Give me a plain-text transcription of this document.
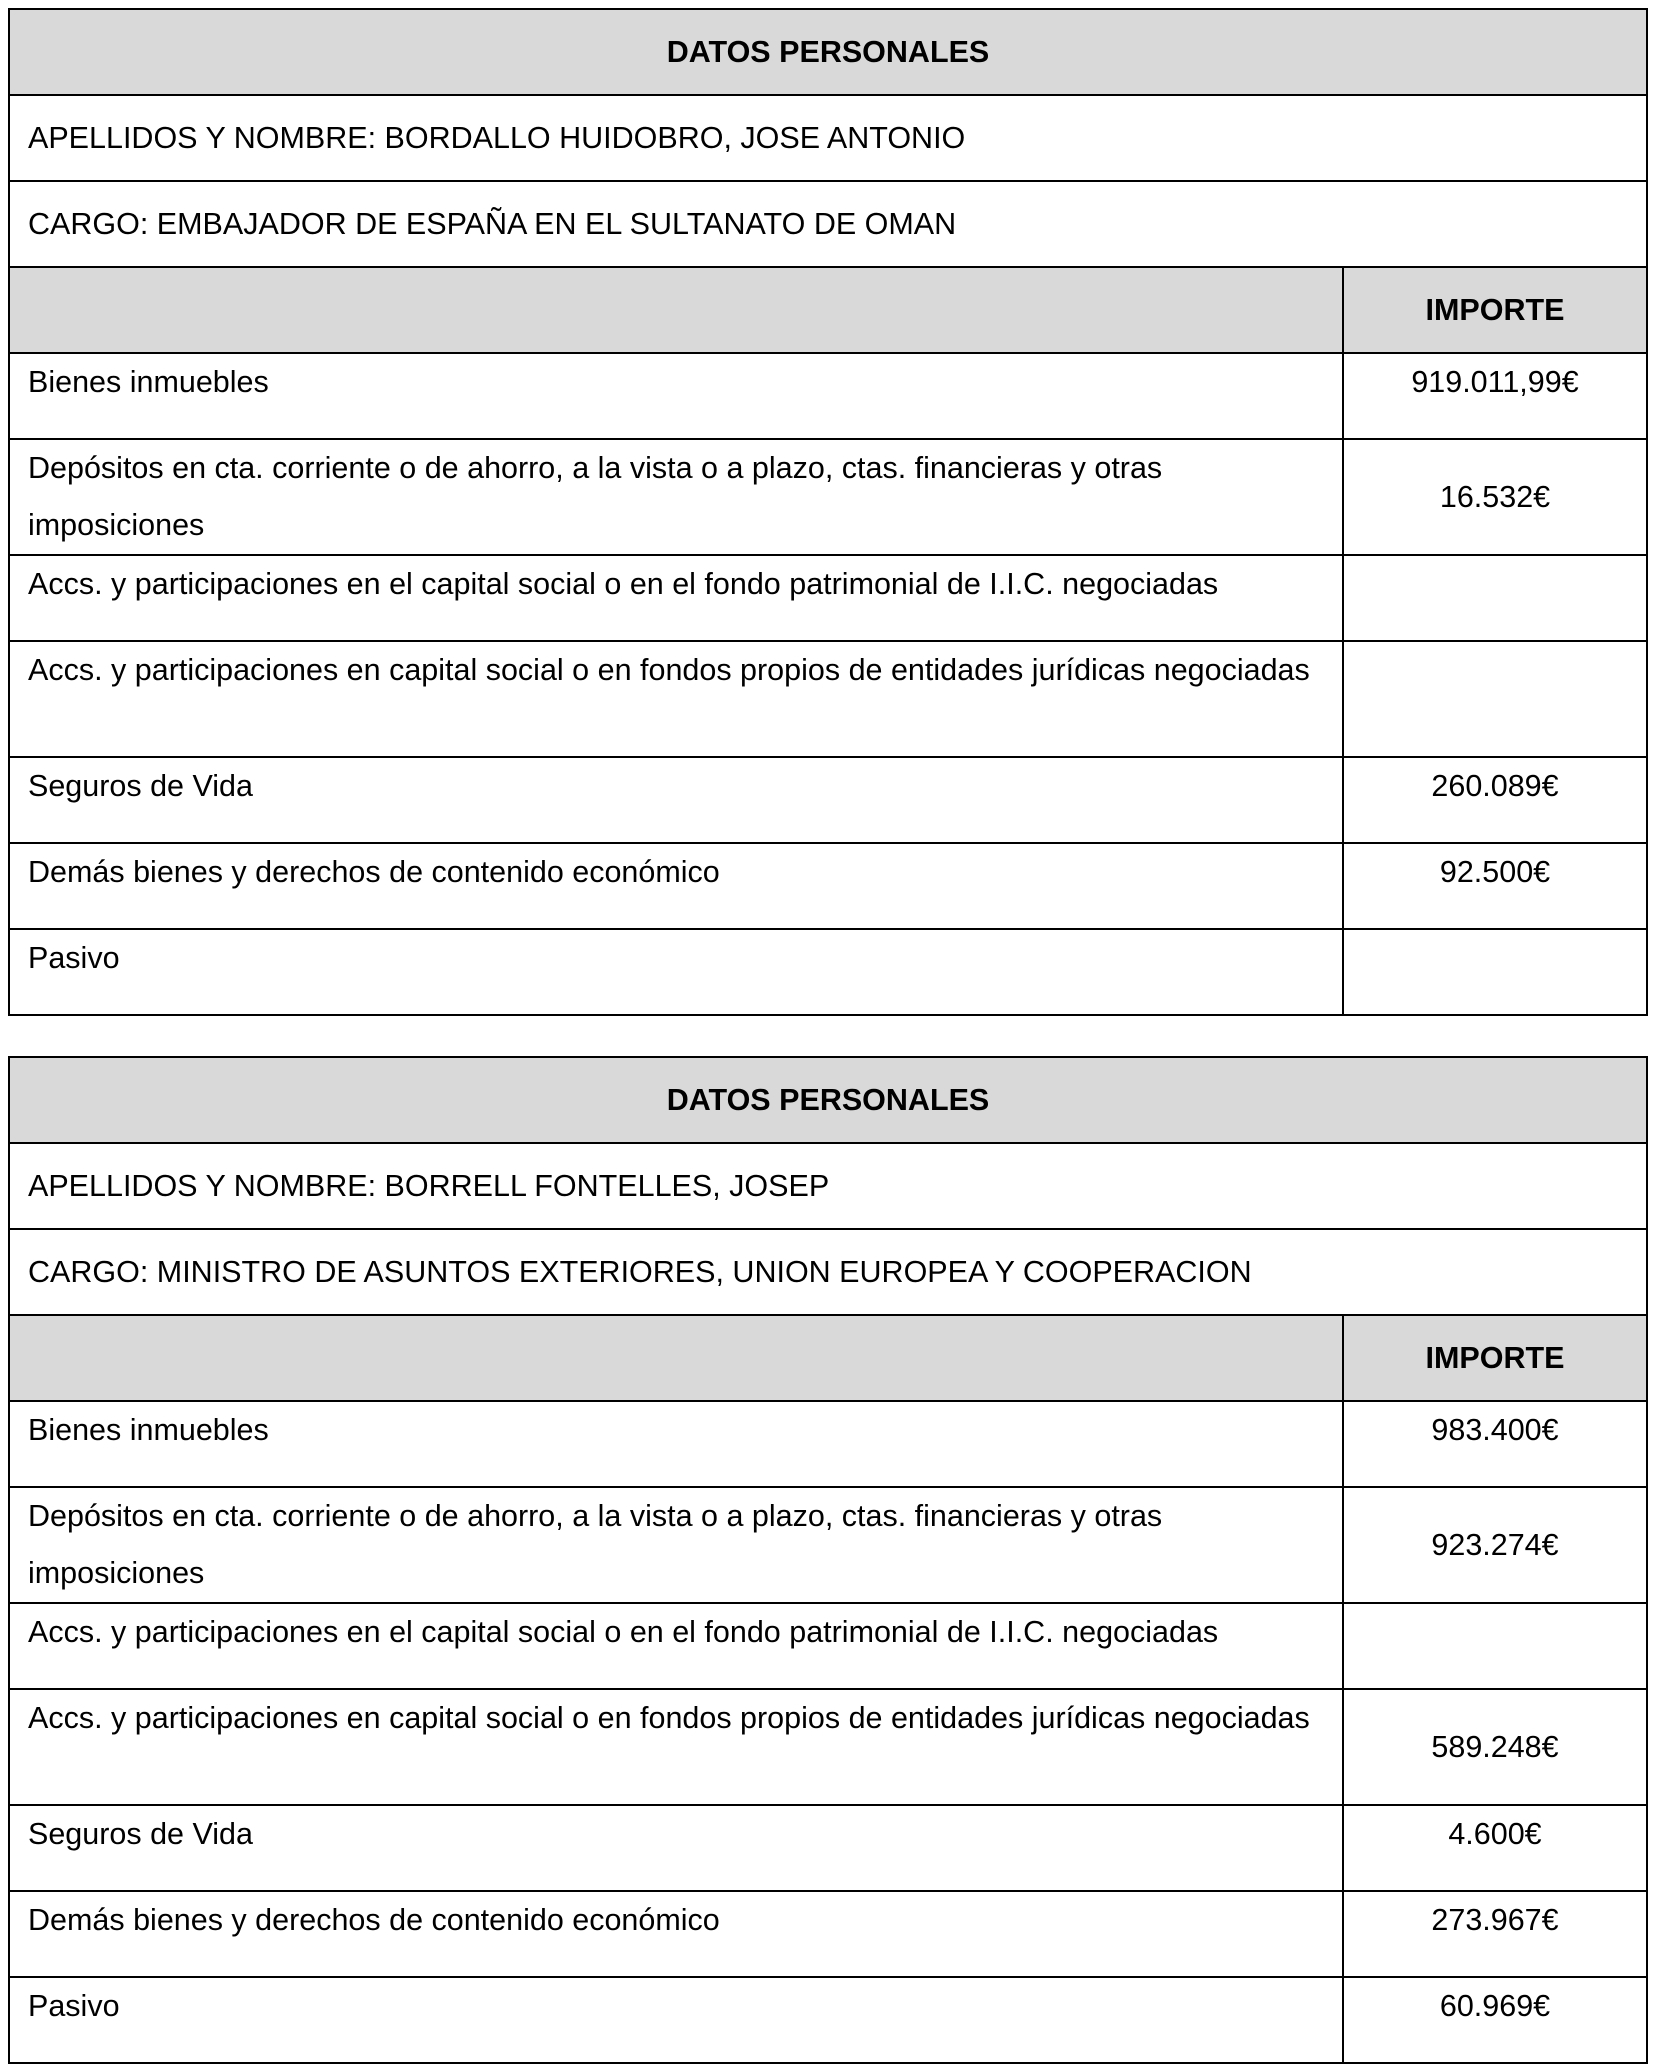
DATOS PERSONALES	
APELLIDOS Y NOMBRE: BORDALLO HUIDOBRO, JOSE ANTONIO	
CARGO: EMBAJADOR DE ESPAÑA EN EL SULTANATO DE OMAN	
	IMPORTE
Bienes inmuebles	919.011,99€
Depósitos en cta. corriente o de ahorro, a la vista o a plazo, ctas. financieras y otras imposiciones	16.532€
Accs. y participaciones en el capital social o en el fondo patrimonial de I.I.C. negociadas	
Accs. y participaciones en capital social o en fondos propios de entidades jurídicas negociadas	
Seguros de Vida	260.089€
Demás bienes y derechos de contenido económico	92.500€
Pasivo	
DATOS PERSONALES	
APELLIDOS Y NOMBRE: BORRELL FONTELLES, JOSEP	
CARGO: MINISTRO DE ASUNTOS EXTERIORES, UNION EUROPEA Y COOPERACION	
	IMPORTE
Bienes inmuebles	983.400€
Depósitos en cta. corriente o de ahorro, a la vista o a plazo, ctas. financieras y otras imposiciones	923.274€
Accs. y participaciones en el capital social o en el fondo patrimonial de I.I.C. negociadas	
Accs. y participaciones en capital social o en fondos propios de entidades jurídicas negociadas	589.248€
Seguros de Vida	4.600€
Demás bienes y derechos de contenido económico	273.967€
Pasivo	60.969€
